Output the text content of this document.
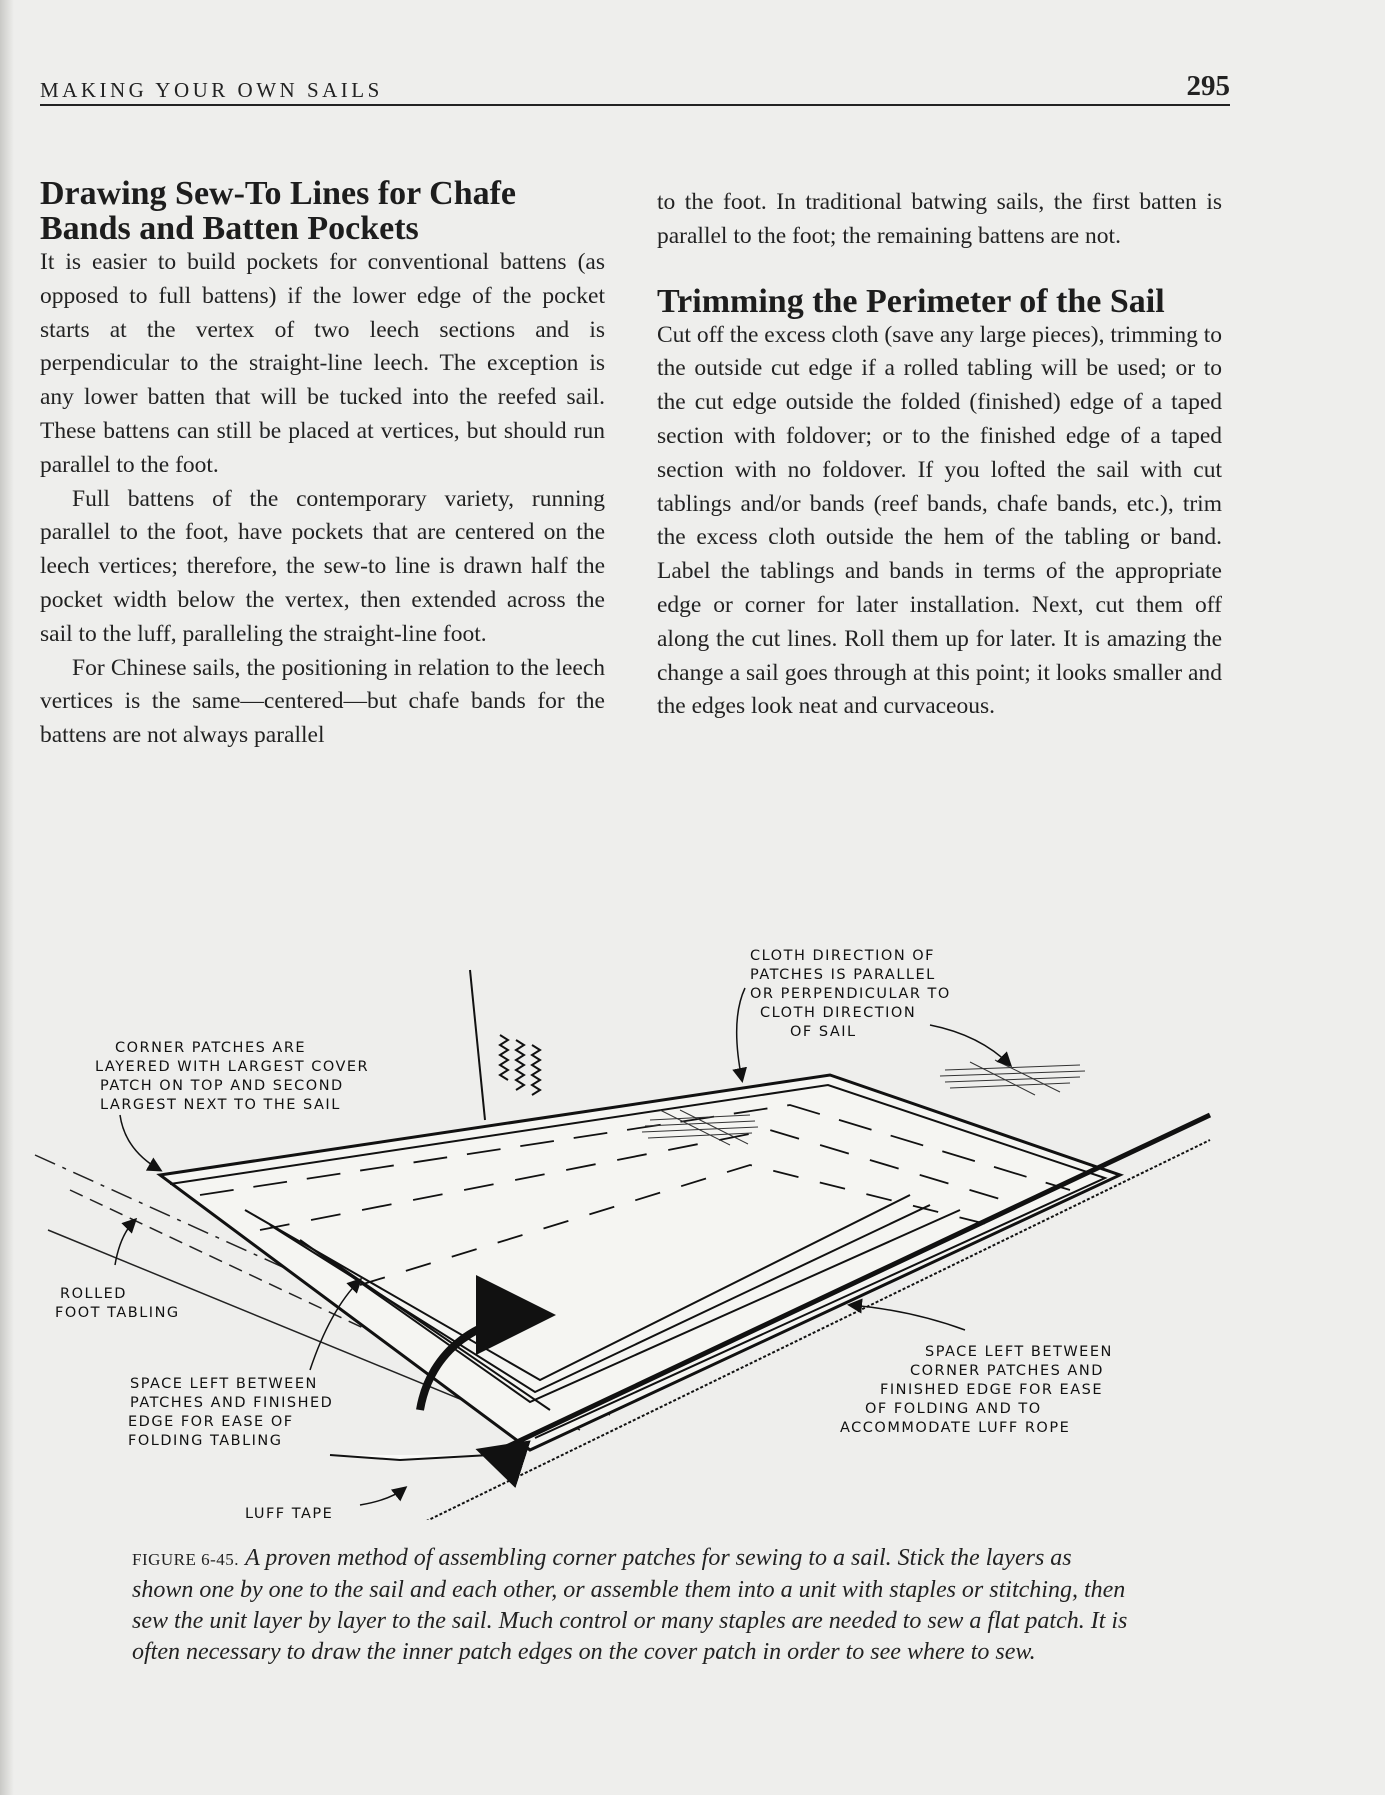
MAKING YOUR OWN SAILS	295
Drawing Sew-To Lines for Chafe Bands and Batten Pockets

It is easier to build pockets for conventional battens (as opposed to full battens) if the lower edge of the pocket starts at the vertex of two leech sections and is perpendicular to the straight-line leech. The exception is any lower batten that will be tucked into the reefed sail. These battens can still be placed at vertices, but should run parallel to the foot.

Full battens of the contemporary variety, running parallel to the foot, have pockets that are centered on the leech vertices; therefore, the sew-to line is drawn half the pocket width below the vertex, then extended across the sail to the luff, paralleling the straight-line foot.

For Chinese sails, the positioning in relation to the leech vertices is the same—centered—but chafe bands for the battens are not always parallel

to the foot. In traditional batwing sails, the first batten is parallel to the foot; the remaining battens are not.

Trimming the Perimeter of the Sail

Cut off the excess cloth (save any large pieces), trimming to the outside cut edge if a rolled tabling will be used; or to the cut edge outside the folded (finished) edge of a taped section with foldover; or to the finished edge of a taped section with no foldover. If you lofted the sail with cut tablings and/or bands (reef bands, chafe bands, etc.), trim the excess cloth outside the hem of the tabling or band. Label the tablings and bands in terms of the appropriate edge or corner for later installation. Next, cut them off along the cut lines. Roll them up for later. It is amazing the change a sail goes through at this point; it looks smaller and the edges look neat and curvaceous.

CORNER PATCHES ARE LAYERED WITH LARGEST COVER PATCH ON TOP AND SECOND LARGEST NEXT TO THE SAIL
CLOTH DIRECTION OF PATCHES IS PARALLEL OR PERPENDICULAR TO CLOTH DIRECTION OF SAIL
ROLLED FOOT TABLING
SPACE LEFT BETWEEN PATCHES AND FINISHED EDGE FOR EASE OF FOLDING TABLING
SPACE LEFT BETWEEN CORNER PATCHES AND FINISHED EDGE FOR EASE OF FOLDING AND TO ACCOMMODATE LUFF ROPE
LUFF TAPE
FIGURE 6-45. A proven method of assembling corner patches for sewing to a sail. Stick the layers as shown one by one to the sail and each other, or assemble them into a unit with staples or stitching, then sew the unit layer by layer to the sail. Much control or many staples are needed to sew a flat patch. It is often necessary to draw the inner patch edges on the cover patch in order to see where to sew.
